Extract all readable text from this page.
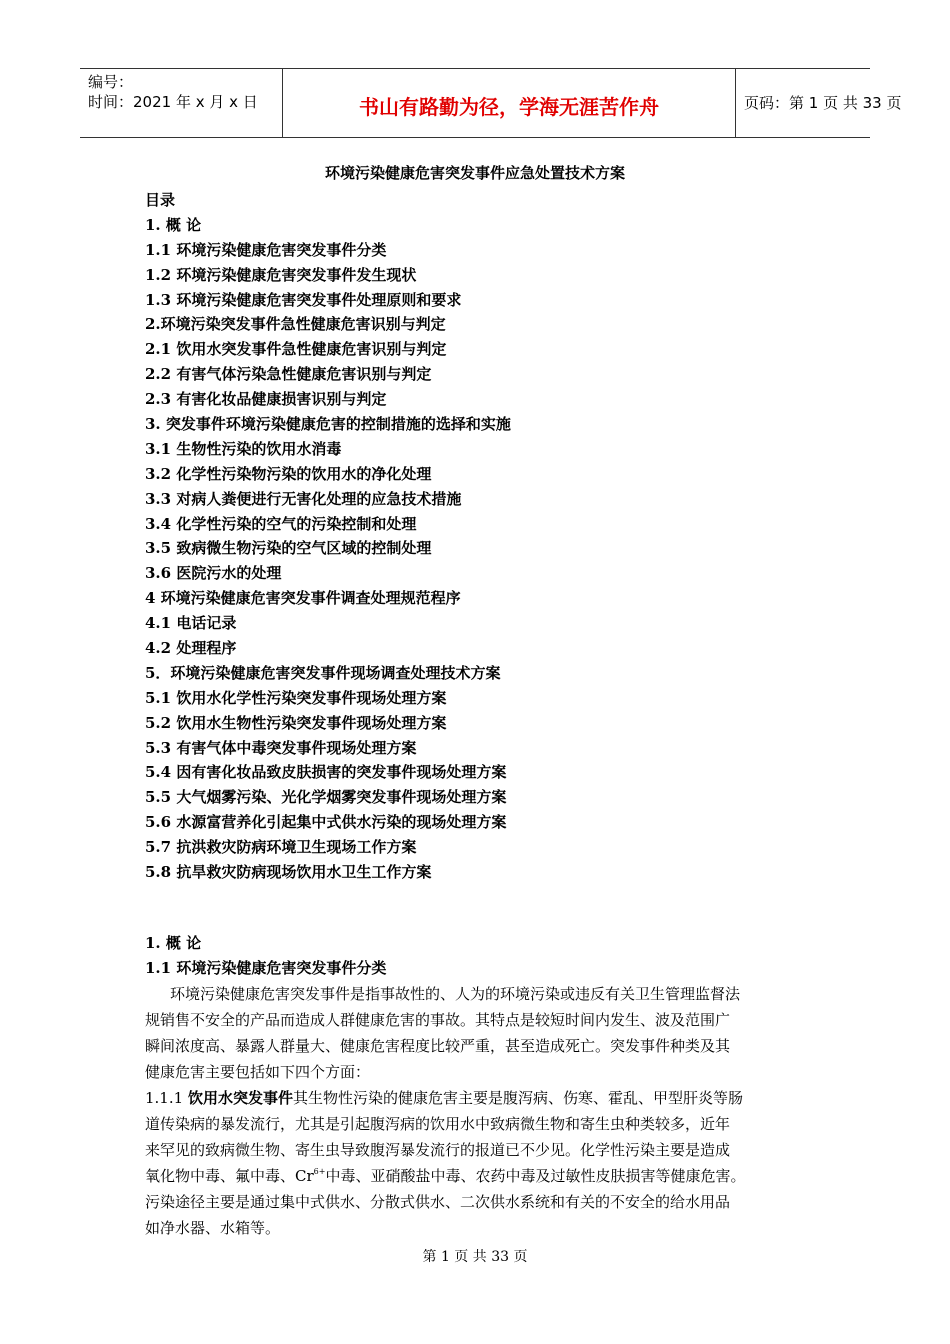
编号：
时间：2021 年 x 月 x 日	书山有路勤为径，学海无涯苦作舟	页码：第 1 页 共 33 页
环境污染健康危害突发事件应急处置技术方案
目录
1. 概 论
1.1 环境污染健康危害突发事件分类
1.2 环境污染健康危害突发事件发生现状
1.3 环境污染健康危害突发事件处理原则和要求
2.环境污染突发事件急性健康危害识别与判定
2.1 饮用水突发事件急性健康危害识别与判定
2.2 有害气体污染急性健康危害识别与判定
2.3 有害化妆品健康损害识别与判定
3. 突发事件环境污染健康危害的控制措施的选择和实施
3.1 生物性污染的饮用水消毒
3.2 化学性污染物污染的饮用水的净化处理
3.3 对病人粪便进行无害化处理的应急技术措施
3.4 化学性污染的空气的污染控制和处理
3.5 致病微生物污染的空气区域的控制处理
3.6 医院污水的处理
4 环境污染健康危害突发事件调查处理规范程序
4.1 电话记录
4.2 处理程序
5．环境污染健康危害突发事件现场调查处理技术方案
5.1 饮用水化学性污染突发事件现场处理方案
5.2 饮用水生物性污染突发事件现场处理方案
5.3 有害气体中毒突发事件现场处理方案
5.4 因有害化妆品致皮肤损害的突发事件现场处理方案
5.5 大气烟雾污染、光化学烟雾突发事件现场处理方案
5.6 水源富营养化引起集中式供水污染的现场处理方案
5.7 抗洪救灾防病环境卫生现场工作方案
5.8 抗旱救灾防病现场饮用水卫生工作方案
1. 概 论
1.1 环境污染健康危害突发事件分类
环境污染健康危害突发事件是指事故性的、人为的环境污染或违反有关卫生管理监督法
规销售不安全的产品而造成人群健康危害的事故。其特点是较短时间内发生、波及范围广
瞬间浓度高、暴露人群量大、健康危害程度比较严重，甚至造成死亡。突发事件种类及其
健康危害主要包括如下四个方面：
1.1.1 饮用水突发事件其生物性污染的健康危害主要是腹泻病、伤寒、霍乱、甲型肝炎等肠
道传染病的暴发流行，尤其是引起腹泻病的饮用水中致病微生物和寄生虫种类较多，近年
来罕见的致病微生物、寄生虫导致腹泻暴发流行的报道已不少见。化学性污染主要是造成
氧化物中毒、氟中毒、$Cr^{6+}$中毒、亚硝酸盐中毒、农药中毒及过敏性皮肤损害等健康危害。
污染途径主要是通过集中式供水、分散式供水、二次供水系统和有关的不安全的给水用品
如净水器、水箱等。
第 1 页 共 33 页
